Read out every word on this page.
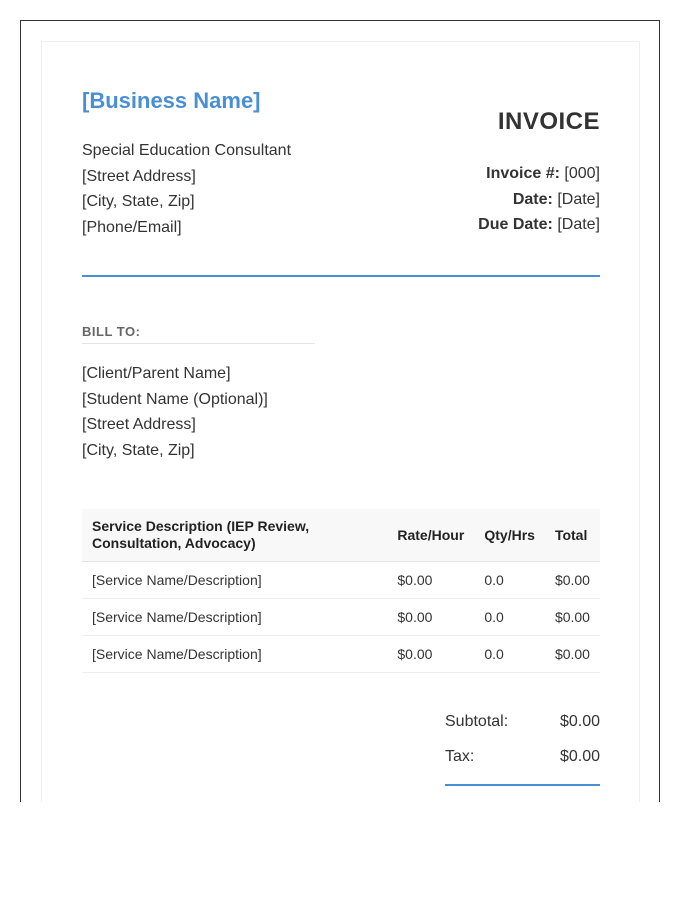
[Business Name]
Special Education Consultant
[Street Address]
[City, State, Zip]
[Phone/Email]
INVOICE
Invoice #: [000]
Date: [Date]
Due Date: [Date]
BILL TO:
[Client/Parent Name]
[Student Name (Optional)]
[Street Address]
[City, State, Zip]
Service Description (IEP Review, Consultation, Advocacy)	Rate/Hour	Qty/Hrs	Total
[Service Name/Description]	$0.00	0.0	$0.00
[Service Name/Description]	$0.00	0.0	$0.00
[Service Name/Description]	$0.00	0.0	$0.00
Subtotal:	$0.00
Tax:	$0.00
